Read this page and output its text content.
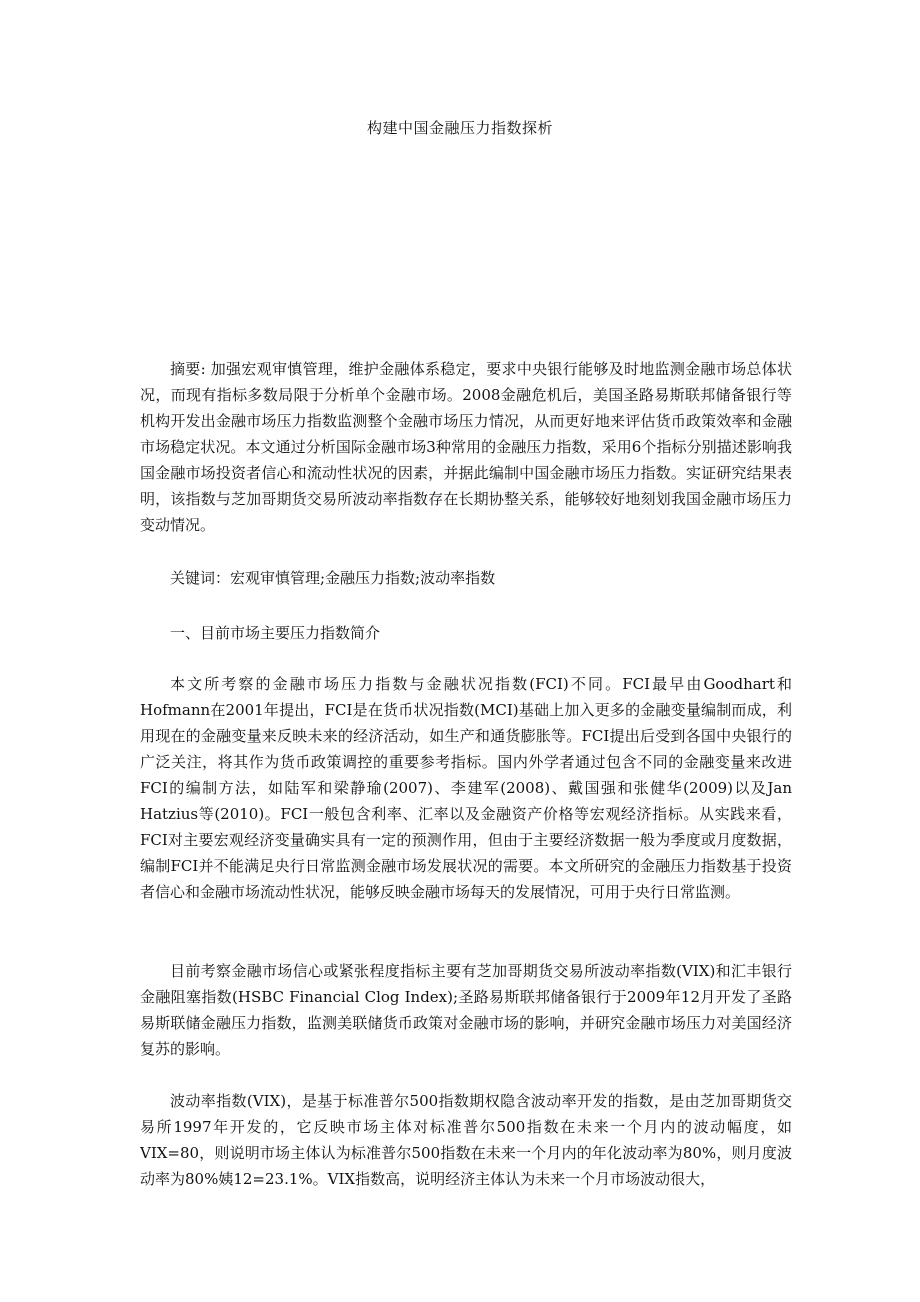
构建中国金融压力指数探析

摘要: 加强宏观审慎管理，维护金融体系稳定，要求中央银行能够及时地监测金融市场总体状况，而现有指标多数局限于分析单个金融市场。2008金融危机后，美国圣路易斯联邦储备银行等机构开发出金融市场压力指数监测整个金融市场压力情况，从而更好地来评估货币政策效率和金融市场稳定状况。本文通过分析国际金融市场3种常用的金融压力指数，采用6个指标分别描述影响我国金融市场投资者信心和流动性状况的因素，并据此编制中国金融市场压力指数。实证研究结果表明，该指数与芝加哥期货交易所波动率指数存在长期协整关系，能够较好地刻划我国金融市场压力变动情况。

关键词：宏观审慎管理;金融压力指数;波动率指数

一、目前市场主要压力指数简介

本文所考察的金融市场压力指数与金融状况指数(FCI)不同。FCI最早由Goodhart和Hofmann在2001年提出，FCI是在货币状况指数(MCI)基础上加入更多的金融变量编制而成，利用现在的金融变量来反映未来的经济活动，如生产和通货膨胀等。FCI提出后受到各国中央银行的广泛关注，将其作为货币政策调控的重要参考指标。国内外学者通过包含不同的金融变量来改进FCI的编制方法，如陆军和梁静瑜(2007)、李建军(2008)、戴国强和张健华(2009)以及Jan Hatzius等(2010)。FCI一般包含利率、汇率以及金融资产价格等宏观经济指标。从实践来看，FCI对主要宏观经济变量确实具有一定的预测作用，但由于主要经济数据一般为季度或月度数据，编制FCI并不能满足央行日常监测金融市场发展状况的需要。本文所研究的金融压力指数基于投资者信心和金融市场流动性状况，能够反映金融市场每天的发展情况，可用于央行日常监测。

目前考察金融市场信心或紧张程度指标主要有芝加哥期货交易所波动率指数(VIX)和汇丰银行金融阻塞指数(HSBC Financial Clog Index);圣路易斯联邦储备银行于2009年12月开发了圣路易斯联储金融压力指数，监测美联储货币政策对金融市场的影响，并研究金融市场压力对美国经济复苏的影响。

波动率指数(VIX)，是基于标准普尔500指数期权隐含波动率开发的指数，是由芝加哥期货交易所1997年开发的，它反映市场主体对标准普尔500指数在未来一个月内的波动幅度，如VIX=80，则说明市场主体认为标准普尔500指数在未来一个月内的年化波动率为80%，则月度波动率为80%姨12=23.1%。VIX指数高，说明经济主体认为未来一个月市场波动很大，
